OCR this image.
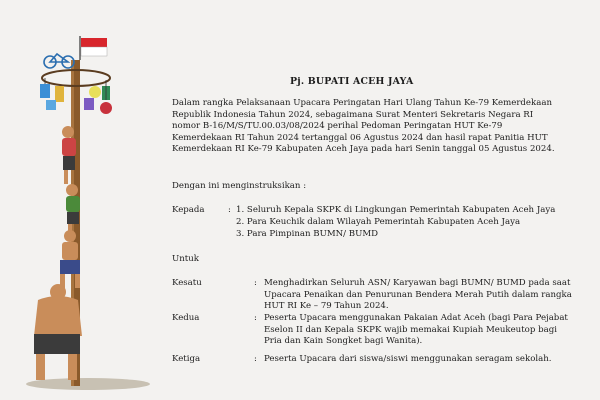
Pj. BUPATI ACEH JAYA

Dalam rangka Pelaksanaan Upacara Peringatan Hari Ulang Tahun Ke-79 Kemerdekaan

Republik Indonesia Tahun 2024, sebagaimana Surat Menteri Sekretaris Negara RI

nomor B-16/M/S/TU.00.03/08/2024 perihal Pedoman Peringatan HUT Ke-79

Kemerdekaan RI Tahun 2024 tertanggal 06 Agustus 2024 dan hasil rapat Panitia HUT

Kemerdekaan RI Ke-79 Kabupaten Aceh Jaya pada hari Senin tanggal 05 Agustus 2024.

Dengan ini menginstruksikan :
Kepada	: 1. Seluruh Kepala SKPK di Lingkungan Pemerintah Kabupaten Aceh Jaya
2. Para Keuchik dalam Wilayah Pemerintah Kabupaten Aceh Jaya
3. Para Pimpinan BUMN/ BUMD
Untuk
Kesatu	: Menghadirkan Seluruh ASN/ Karyawan bagi BUMN/ BUMD pada saat

Upacara Penaikan dan Penurunan Bendera Merah Putih dalam rangka

HUT RI Ke – 79 Tahun 2024.

Kedua	: Peserta Upacara menggunakan Pakaian Adat Aceh (bagi Para Pejabat

Eselon II dan Kepala SKPK wajib memakai Kupiah Meukeutop bagi

Pria dan Kain Songket bagi Wanita).

Ketiga	: Peserta Upacara dari siswa/siswi menggunakan seragam sekolah.
